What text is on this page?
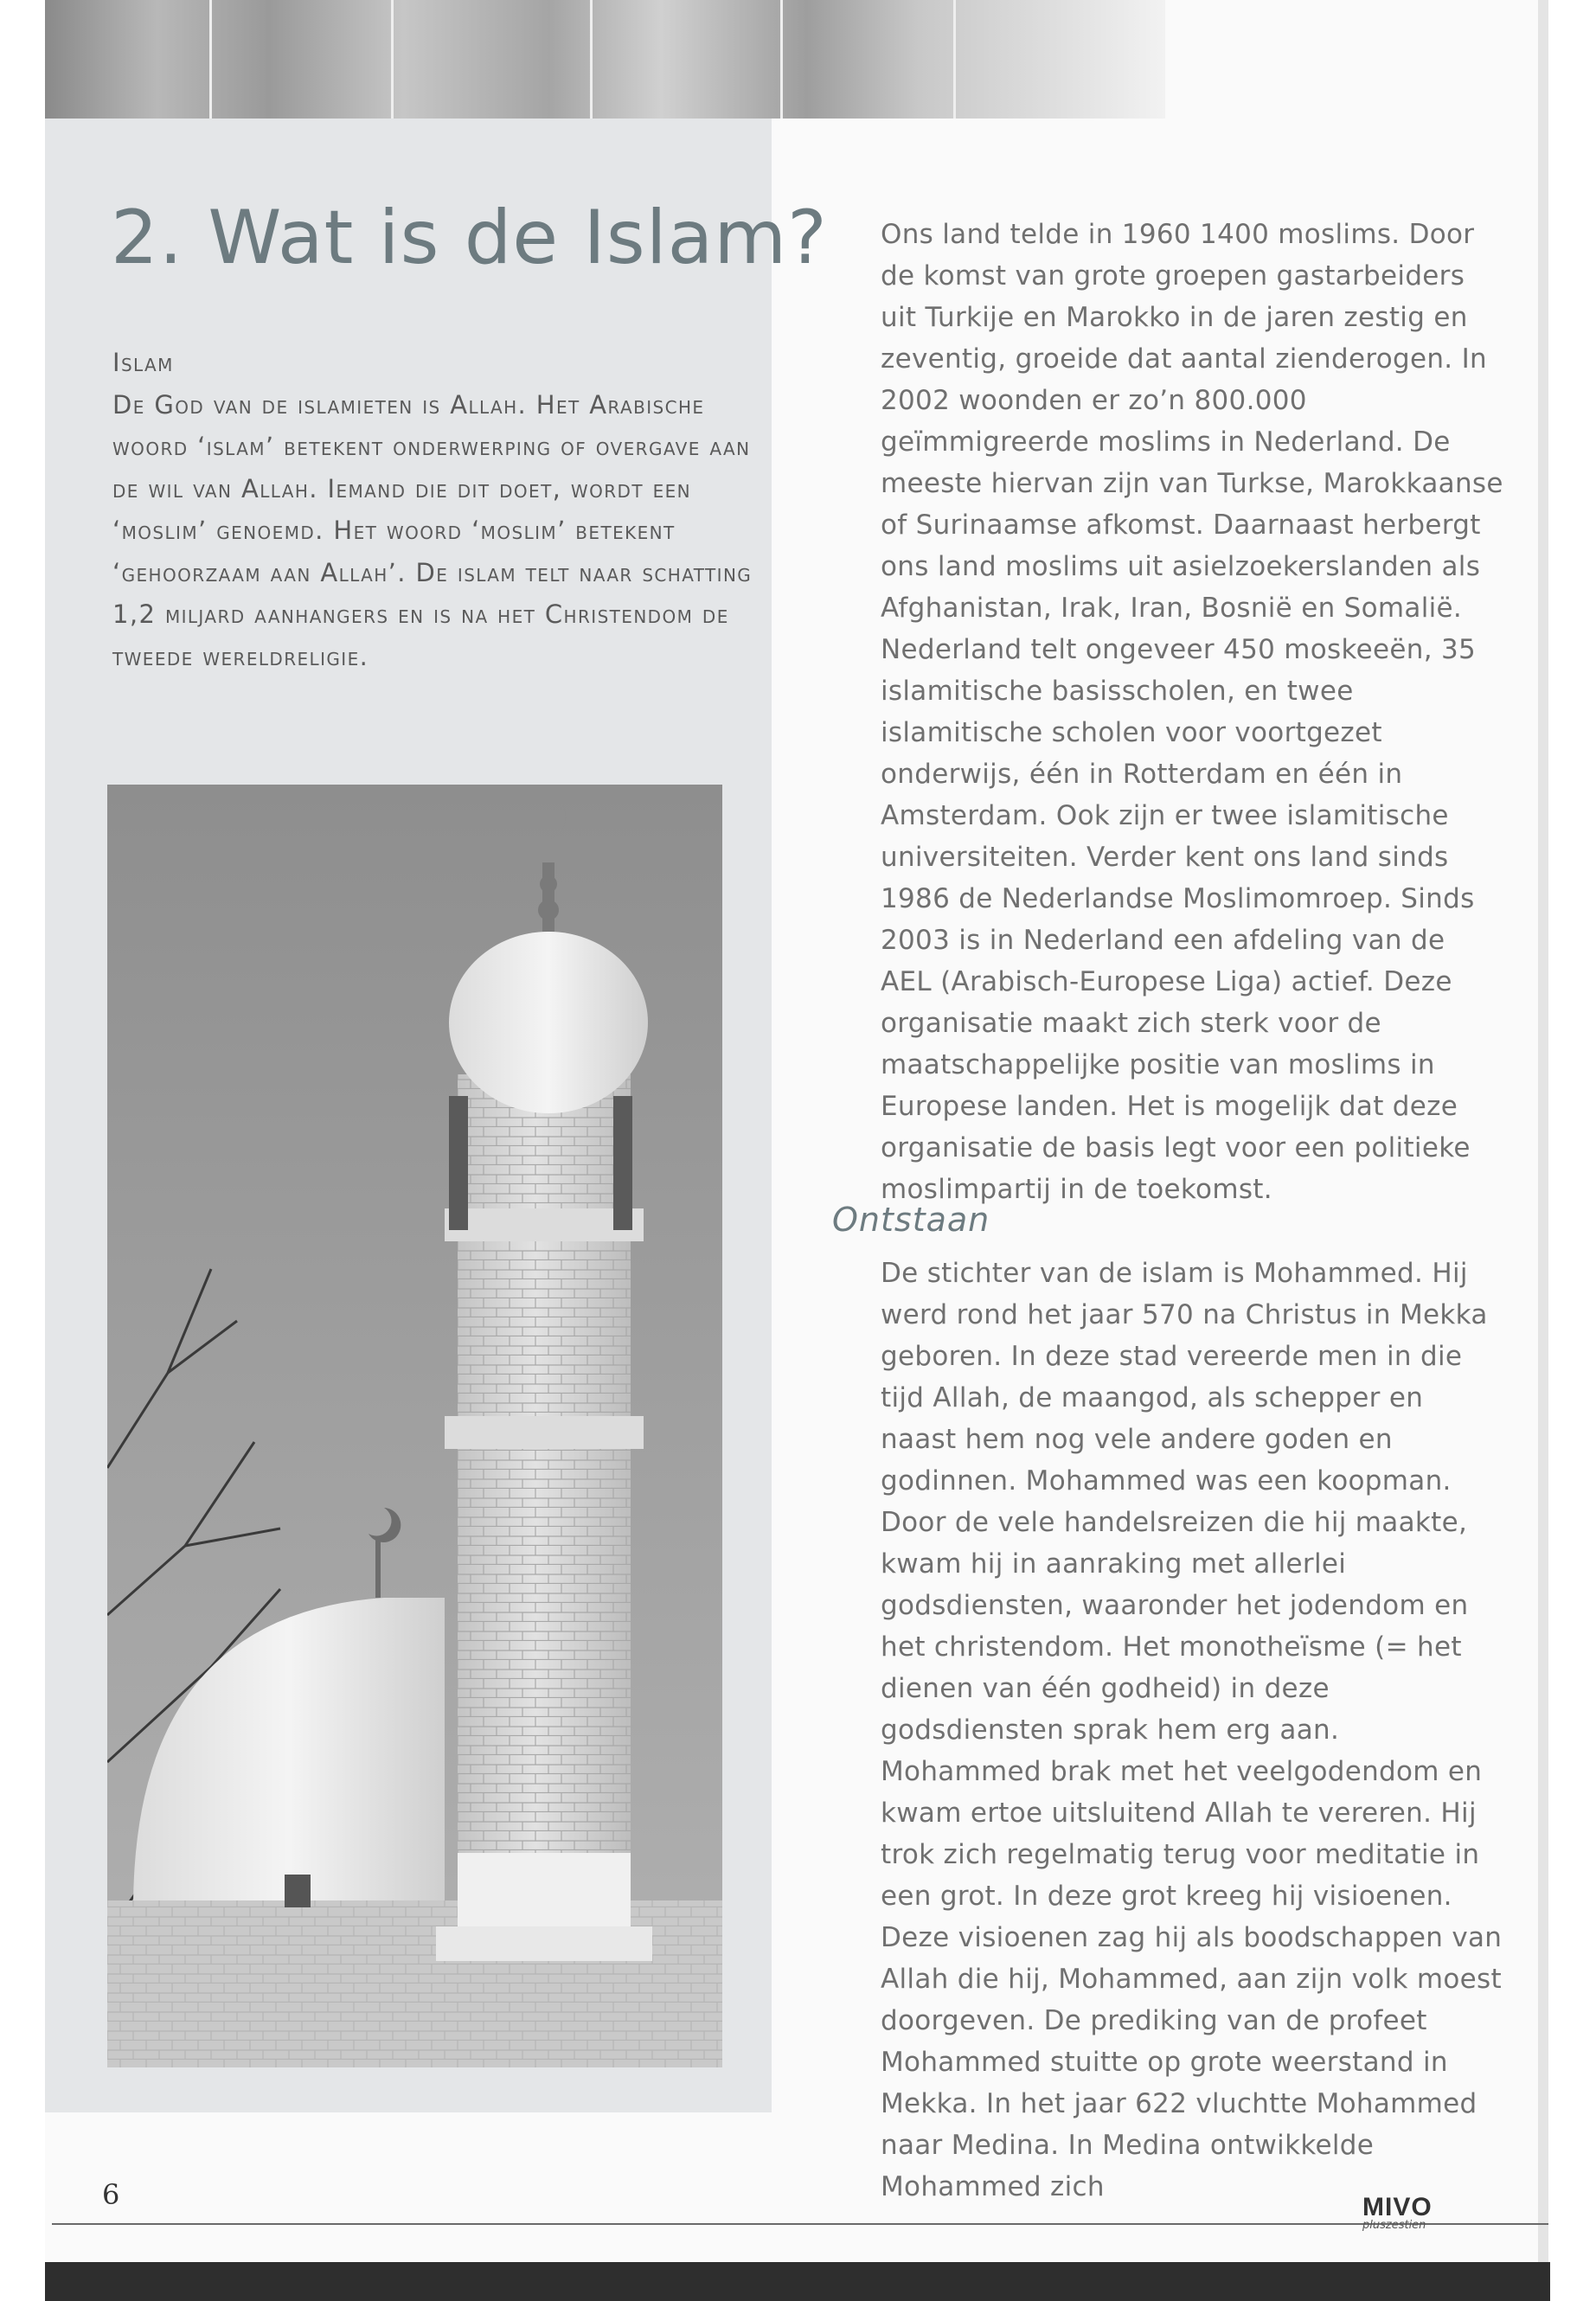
2. Wat is de Islam?
Islam
De God van de islamieten is Allah. Het Arabische woord ‘islam’ betekent onderwerping of overgave aan de wil van Allah. Iemand die dit doet, wordt een ‘moslim’ genoemd. Het woord ‘moslim’ betekent ‘gehoorzaam aan Allah’. De islam telt naar schatting 1,2 miljard aanhangers en is na het Christendom de tweede wereldreligie.

Ons land telde in 1960 1400 moslims. Door de komst van grote groepen gastarbeiders uit Turkije en Marokko in de jaren zestig en zeventig, groeide dat aantal zienderogen. In 2002 woonden er zo’n 800.000 geïmmigreerde moslims in Nederland. De meeste hiervan zijn van Turkse, Marokkaanse of Surinaamse afkomst. Daarnaast herbergt ons land moslims uit asielzoekerslanden als Afghanistan, Irak, Iran, Bosnië en Somalië. Nederland telt ongeveer 450 moskeeën, 35 islamitische basisscholen, en twee islamitische scholen voor voortgezet onderwijs, één in Rotterdam en één in Amsterdam. Ook zijn er twee islamitische universiteiten. Verder kent ons land sinds 1986 de Nederlandse Moslimomroep. Sinds 2003 is in Nederland een afdeling van de AEL (Arabisch-Europese Liga) actief. Deze organisatie maakt zich sterk voor de maatschappelijke positie van moslims in Europese landen. Het is mogelijk dat deze organisatie de basis legt voor een politieke moslimpartij in de toekomst.

Ontstaan

De stichter van de islam is Mohammed. Hij werd rond het jaar 570 na Christus in Mekka geboren. In deze stad vereerde men in die tijd Allah, de maangod, als schepper en naast hem nog vele andere goden en godinnen. Mohammed was een koopman. Door de vele handelsreizen die hij maakte, kwam hij in aanraking met allerlei godsdiensten, waaronder het jodendom en het christendom. Het monotheïsme (= het dienen van één godheid) in deze godsdiensten sprak hem erg aan. Mohammed brak met het veelgodendom en kwam ertoe uitsluitend Allah te vereren. Hij trok zich regelmatig terug voor meditatie in een grot. In deze grot kreeg hij visioenen. Deze visioenen zag hij als boodschappen van Allah die hij, Mohammed, aan zijn volk moest doorgeven. De prediking van de profeet Mohammed stuitte op grote weerstand in Mekka. In het jaar 622 vluchtte Mohammed naar Medina. In Medina ontwikkelde Mohammed zich

6	MIVO
pluszestien
